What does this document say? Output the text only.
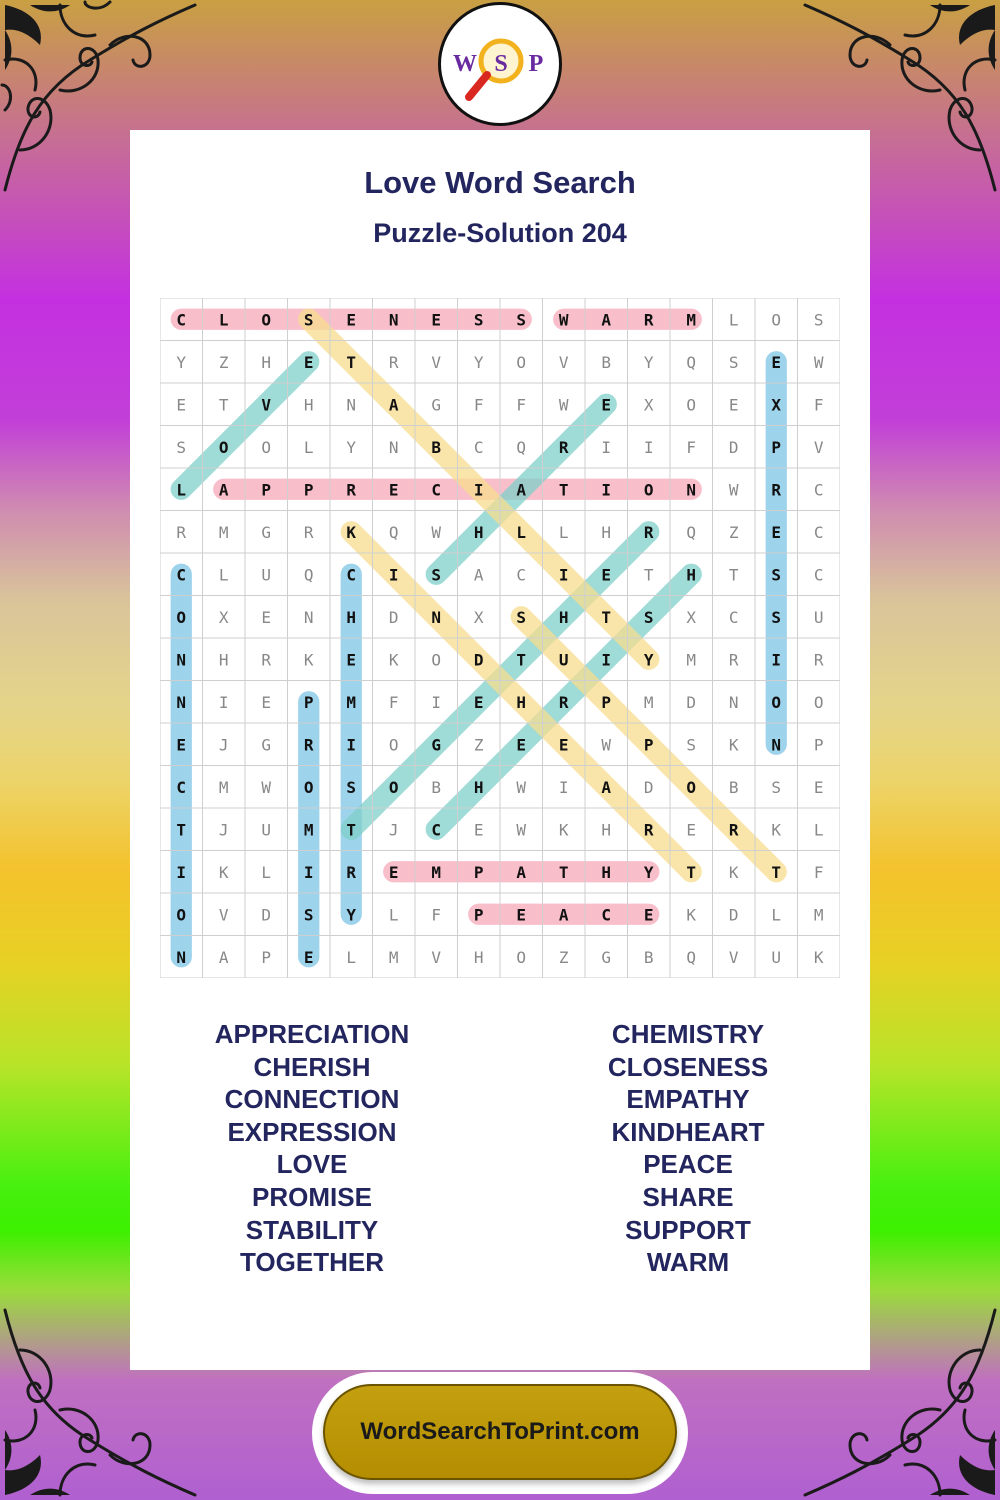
W S P
Love Word Search
Puzzle-Solution 204
C L O S E N E S S W A R M L O S
Y Z H E T R V Y O V B Y Q S E W
E T V H N A G F F W E X O E X F
S O O L Y N B C Q R I I F D P V
L A P P R E C I A T I O N W R C
R M G R K Q W H L L H R Q Z E C
C L U Q C I S A C I E T H T S C
O X E N H D N X S H T S X C S U
N H R K E K O D T U I Y M R I R
N I E P M F I E H R P M D N O O
E J G R I O G Z E E W P S K N P
C M W O S O B H W I A D O B S E
T J U M T J C E W K H R E R K L
I K L I R E M P A T H Y T K T F
O V D S Y L F P E A C E K D L M
N A P E L M V H O Z G B Q V U K
APPRECIATION
CHERISH
CONNECTION
EXPRESSION
LOVE
PROMISE
STABILITY
TOGETHER
CHEMISTRY
CLOSENESS
EMPATHY
KINDHEART
PEACE
SHARE
SUPPORT
WARM
WordSearchToPrint.com
